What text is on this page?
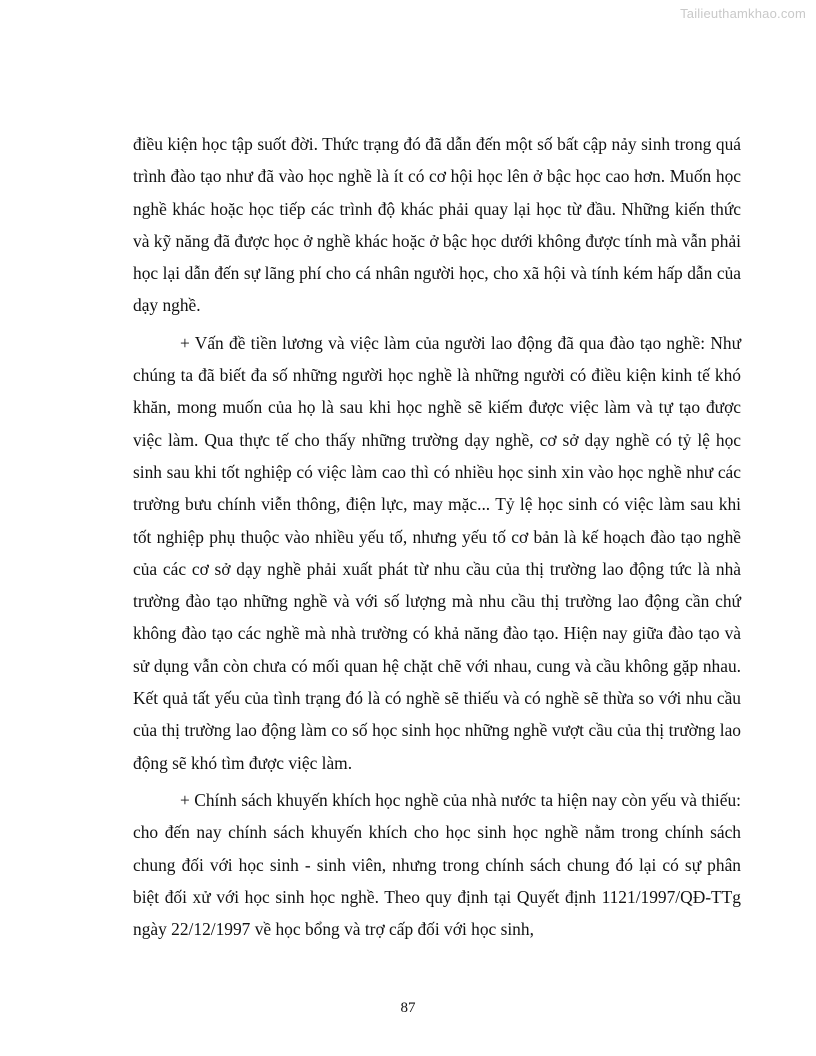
Tailieuthamkhao.com

điều kiện học tập suốt đời. Thức trạng đó đã dẫn đến một số bất cập nảy sinh trong quá trình đào tạo như đã vào học nghề là ít có cơ hội học lên ở bậc học cao hơn. Muốn học nghề khác hoặc học tiếp các trình độ khác phải quay lại học từ đầu. Những kiến thức và kỹ năng đã được học ở nghề khác hoặc ở bậc học dưới không được tính mà vẫn phải học lại dẫn đến sự lãng phí cho cá nhân người học, cho xã hội và tính kém hấp dẫn của dạy nghề.

+ Vấn đề tiền lương và việc làm của người lao động đã qua đào tạo nghề: Như chúng ta đã biết đa số những người học nghề là những người có điều kiện kinh tế khó khăn, mong muốn của họ là sau khi học nghề sẽ kiếm được việc làm và tự tạo được việc làm. Qua thực tế cho thấy những trường dạy nghề, cơ sở dạy nghề có tỷ lệ học sinh sau khi tốt nghiệp có việc làm cao thì có nhiều học sinh xin vào học nghề như các trường bưu chính viễn thông, điện lực, may mặc... Tỷ lệ học sinh có việc làm sau khi tốt nghiệp phụ thuộc vào nhiều yếu tố, nhưng yếu tố cơ bản là kế hoạch đào tạo nghề của các cơ sở dạy nghề phải xuất phát từ nhu cầu của thị trường lao động tức là nhà trường đào tạo những nghề và với số lượng mà nhu cầu thị trường lao động cần chứ không đào tạo các nghề mà nhà trường có khả năng đào tạo. Hiện nay giữa đào tạo và sử dụng vẫn còn chưa có mối quan hệ chặt chẽ với nhau, cung và cầu không gặp nhau. Kết quả tất yếu của tình trạng đó là có nghề sẽ thiếu và có nghề sẽ thừa so với nhu cầu của thị trường lao động làm co số học sinh học những nghề vượt cầu của thị trường lao động sẽ khó tìm được việc làm.

+ Chính sách khuyến khích học nghề của nhà nước ta hiện nay còn yếu và thiếu: cho đến nay chính sách khuyến khích cho học sinh học nghề nằm trong chính sách chung đối với học sinh - sinh viên, nhưng trong chính sách chung đó lại có sự phân biệt đối xử với học sinh học nghề. Theo quy định tại Quyết định 1121/1997/QĐ-TTg ngày 22/12/1997 về học bổng và trợ cấp đối với học sinh,

87
